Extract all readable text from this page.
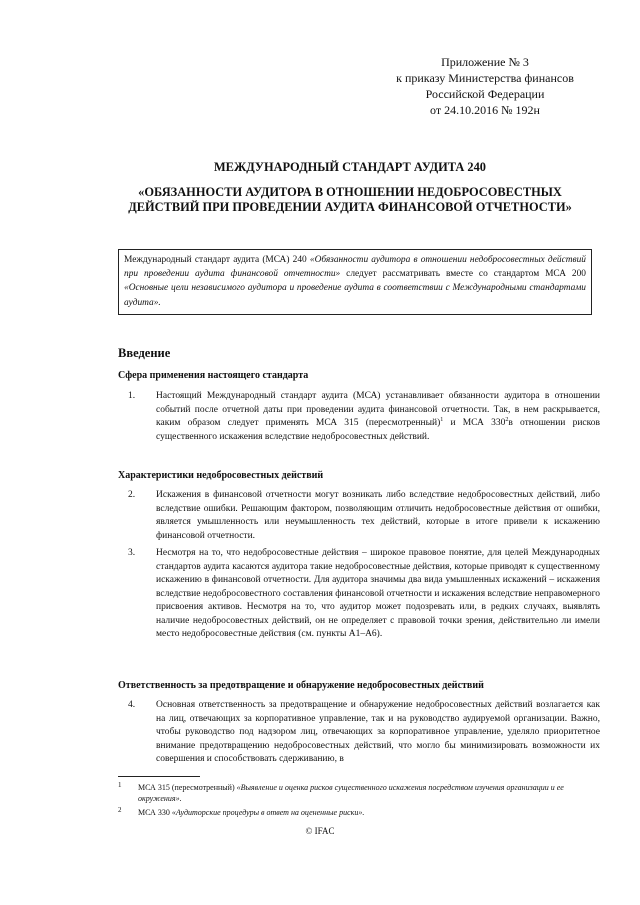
Приложение № 3
к приказу Министерства финансов
Российской Федерации
от 24.10.2016 № 192н
МЕЖДУНАРОДНЫЙ СТАНДАРТ АУДИТА 240
«ОБЯЗАННОСТИ АУДИТОРА В ОТНОШЕНИИ НЕДОБРОСОВЕСТНЫХ
ДЕЙСТВИЙ ПРИ ПРОВЕДЕНИИ АУДИТА ФИНАНСОВОЙ ОТЧЕТНОСТИ»
Международный стандарт аудита (МСА) 240 «Обязанности аудитора в отношении недобросовестных действий при проведении аудита финансовой отчетности» следует рассматривать вместе со стандартом МСА 200 «Основные цели независимого аудитора и проведение аудита в соответствии с Международными стандартами аудита».
Введение
Сфера применения настоящего стандарта
1. Настоящий Международный стандарт аудита (МСА) устанавливает обязанности аудитора в отношении событий после отчетной даты при проведении аудита финансовой отчетности. Так, в нем раскрывается, каким образом следует применять МСА 315 (пересмотренный)$^1$ и МСА $330^2в$ отношении рисков существенного искажения вследствие недобросовестных действий.
Характеристики недобросовестных действий
2. Искажения в финансовой отчетности могут возникать либо вследствие недобросовестных действий, либо вследствие ошибки. Решающим фактором, позволяющим отличить недобросовестные действия от ошибки, является умышленность или неумышленность тех действий, которые в итоге привели к искажению финансовой отчетности.
3. Несмотря на то, что недобросовестные действия – широкое правовое понятие, для целей Международных стандартов аудита касаются аудитора такие недобросовестные действия, которые приводят к существенному искажению в финансовой отчетности. Для аудитора значимы два вида умышленных искажений – искажения вследствие недобросовестного составления финансовой отчетности и искажения вследствие неправомерного присвоения активов. Несмотря на то, что аудитор может подозревать или, в редких случаях, выявлять наличие недобросовестных действий, он не определяет с правовой точки зрения, действительно ли имели место недобросовестные действия (см. пункты А1–А6).
Ответственность за предотвращение и обнаружение недобросовестных действий
4. Основная ответственность за предотвращение и обнаружение недобросовестных действий возлагается как на лиц, отвечающих за корпоративное управление, так и на руководство аудируемой организации. Важно, чтобы руководство под надзором лиц, отвечающих за корпоративное управление, уделяло приоритетное внимание предотвращению недобросовестных действий, что могло бы минимизировать возможности их совершения и способствовать сдерживанию, в
1 МСА 315 (пересмотренный) «Выявление и оценка рисков существенного искажения посредством изучения организации и ее окружения».
2 МСА 330 «Аудиторские процедуры в ответ на оцененные риски».
© IFAC
